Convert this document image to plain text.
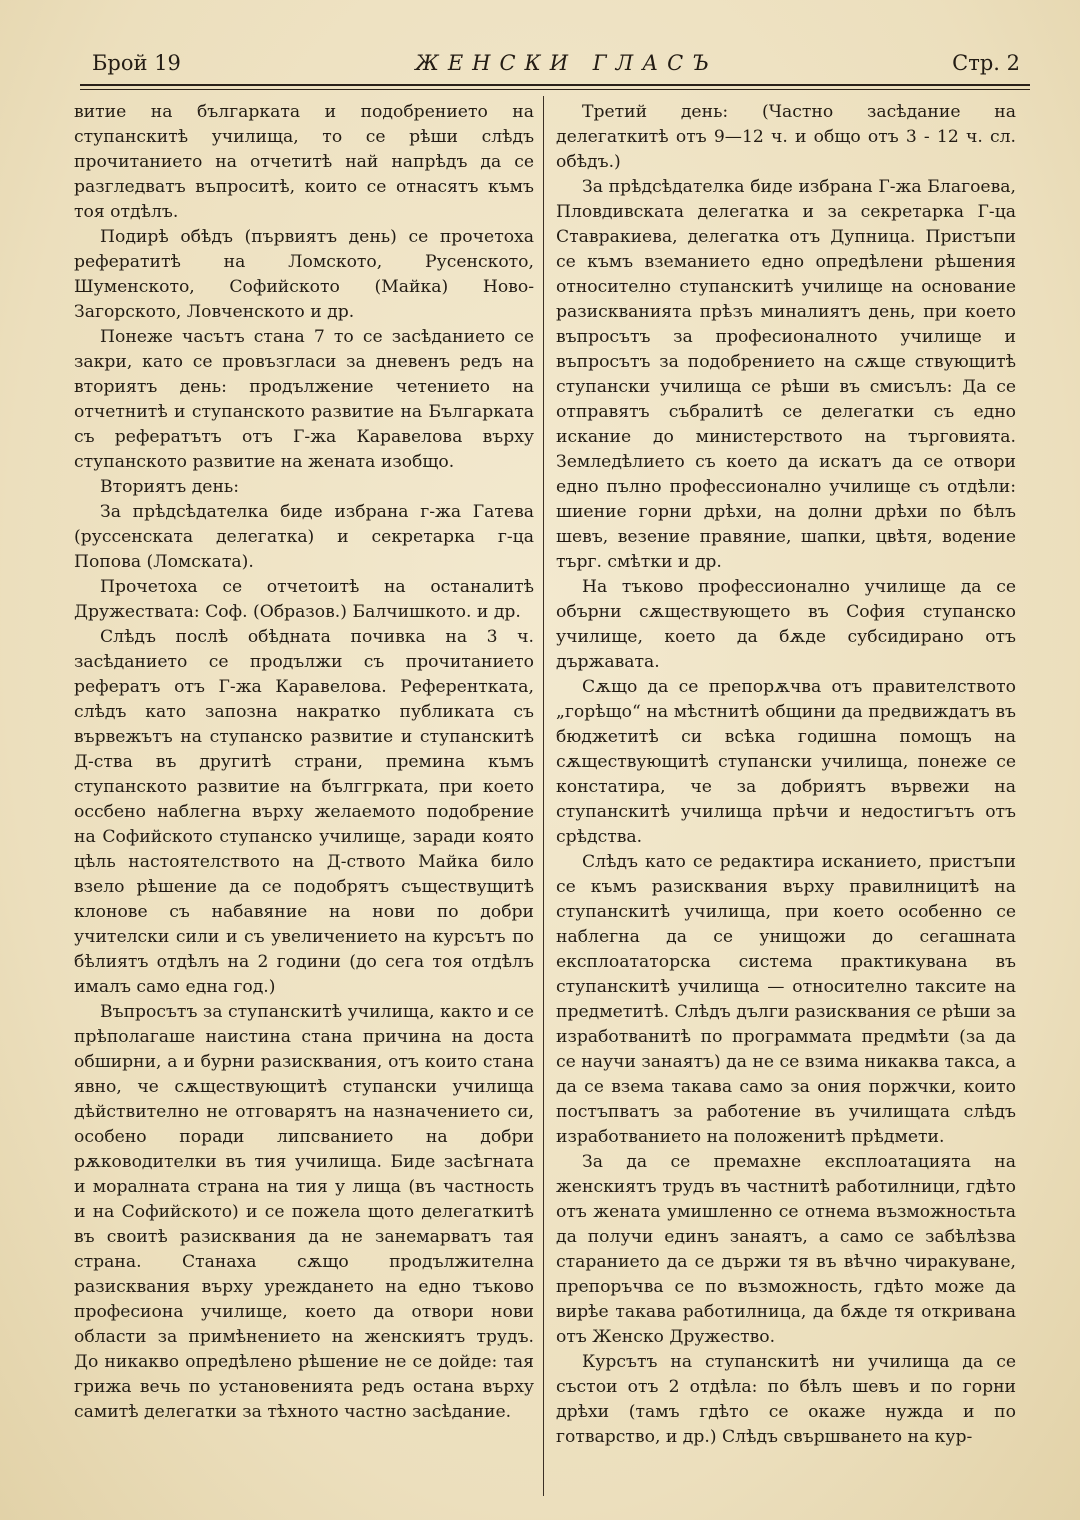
Брой 19	ЖЕНСКИ ГЛАСЪ	Стр. 2

витие на българката и подобрението на ступанскитѣ училища, то се рѣши слѣдъ прочитанието на отчетитѣ най напрѣдъ да се разгледватъ въпроситѣ, които се отнасятъ къмъ тоя отдѣлъ.

Подирѣ обѣдъ (първиятъ день) се прочетоха рефератитѣ на Ломското, Русенското, Шуменското, Софийското (Майка) Ново-Загорското, Ловченското и др.

Понеже часътъ стана 7 то се засѣданието се закри, като се провъзгласи за дневенъ редъ на вториятъ день: продължение четението на отчетнитѣ и ступанското развитие на Българката съ рефератътъ отъ Г-жа Каравелова върху ступанското развитие на жената изобщо.

Вториятъ день:

За прѣдсѣдателка биде избрана г-жа Гатева (руссенската делегатка) и секретарка г-ца Попова (Ломската).

Прочетоха се отчетоитѣ на останалитѣ Дружествата: Соф. (Образов.) Балчишкото. и др.

Слѣдъ послѣ обѣдната почивка на 3 ч. засѣданието се продължи съ прочитанието рефератъ отъ Г-жа Каравелова. Референтката, слѣдъ като запозна накратко публиката съ вървежътъ на ступанско развитие и ступанскитѣ Д-ства въ другитѣ страни, премина къмъ ступанското развитие на бълггрката, при което оссбено наблегна върху желаемото подобрение на Софийското ступанско училище, заради която цѣль настоятелството на Д-ството Майка било взело рѣшение да се подобрятъ съществущитѣ клонове съ набавяние на нови по добри учителски сили и съ увеличението на курсътъ по бѣлиятъ отдѣлъ на 2 години (до сега тоя отдѣлъ ималъ само една год.)

Въпросътъ за ступанскитѣ училища, както и се прѣполагаше наистина стана причина на доста обширни, а и бурни разисквания, отъ които стана явно, че сѫществующитѣ ступански училища дѣйствително не отговарятъ на назначението си, особено поради липсванието на добри рѫководителки въ тия училища. Биде засѣгната и моралната страна на тия у лища (въ частность и на Софийското) и се пожела щото делегаткитѣ въ своитѣ разисквания да не занемарватъ тая страна. Станаха сѫщо продължителна разисквания върху уреждането на едно тъково професиона училище, което да отвори нови области за примѣнението на женскиятъ трудъ. До никакво опредѣлено рѣшение не се дойде: тая грижа вечь по установенията редъ остана върху самитѣ делегатки за тѣхното частно засѣдание.

Третий день: (Частно засѣдание на делегаткитѣ отъ 9—12 ч. и общо отъ 3 - 12 ч. сл. обѣдъ.)

За прѣдсѣдателка биде избрана Г-жа Благоева, Пловдивската делегатка и за секретарка Г-ца Ставракиева, делегатка отъ Дупница. Пристъпи се къмъ вземанието едно опредѣлени рѣшения относително ступанскитѣ училище на основание разискванията прѣзъ миналиятъ день, при което въпросътъ за професионалното училище и въпросътъ за подобрението на сѫще ствующитѣ ступански училища се рѣши въ смисълъ: Да се отправятъ събралитѣ се делегатки съ едно искание до министерството на търговията. Земледѣлието съ което да искатъ да се отвори едно пълно профессионално училище съ отдѣли: шиение горни дрѣхи, на долни дрѣхи по бѣлъ шевъ, везение правяние, шапки, цвѣтя, водение търг. смѣтки и др.

На тъково профессионално училище да се обърни сѫществующето въ София ступанско училище, което да бѫде субсидирано отъ държавата.

Сѫщо да се препорѫчва отъ правителството „горѣщо“ на мѣстнитѣ общини да предвиждатъ въ бюджетитѣ си всѣка годишна помощъ на сѫществующитѣ ступански училища, понеже се констатира, че за добриятъ вървежи на ступанскитѣ училища прѣчи и недостигътъ отъ срѣдства.

Слѣдъ като се редактира исканието, пристъпи се къмъ разисквания върху правилницитѣ на ступанскитѣ училища, при което особенно се наблегна да се унищожи до сегашната експлоататорска система практикувана въ ступанскитѣ училища — относително таксите на предметитѣ. Слѣдъ дълги разисквания се рѣши за изработванитѣ по программата предмѣти (за да се научи занаятъ) да не се взима никаква такса, а да се взема такава само за ония поржчки, които постъпватъ за работение въ училищата слѣдъ изработванието на положенитѣ прѣдмети.

За да се премахне експлоатацията на женскиятъ трудъ въ частнитѣ работилници, гдѣто отъ женатa умишленно се отнема възможностьта да получи единъ занаятъ, а само се забѣлѣзва старанието да се държи тя въ вѣчно чиракуване, препоръчва се по възможность, гдѣто може да вирѣе такава работилница, да бѫде тя откривана отъ Женско Дружество.

Курсътъ на ступанскитѣ ни училища да се състои отъ 2 отдѣла: по бѣлъ шевъ и по горни дрѣхи (тамъ гдѣто се окаже нужда и по готварство, и др.) Слѣдъ свършването на кур-
